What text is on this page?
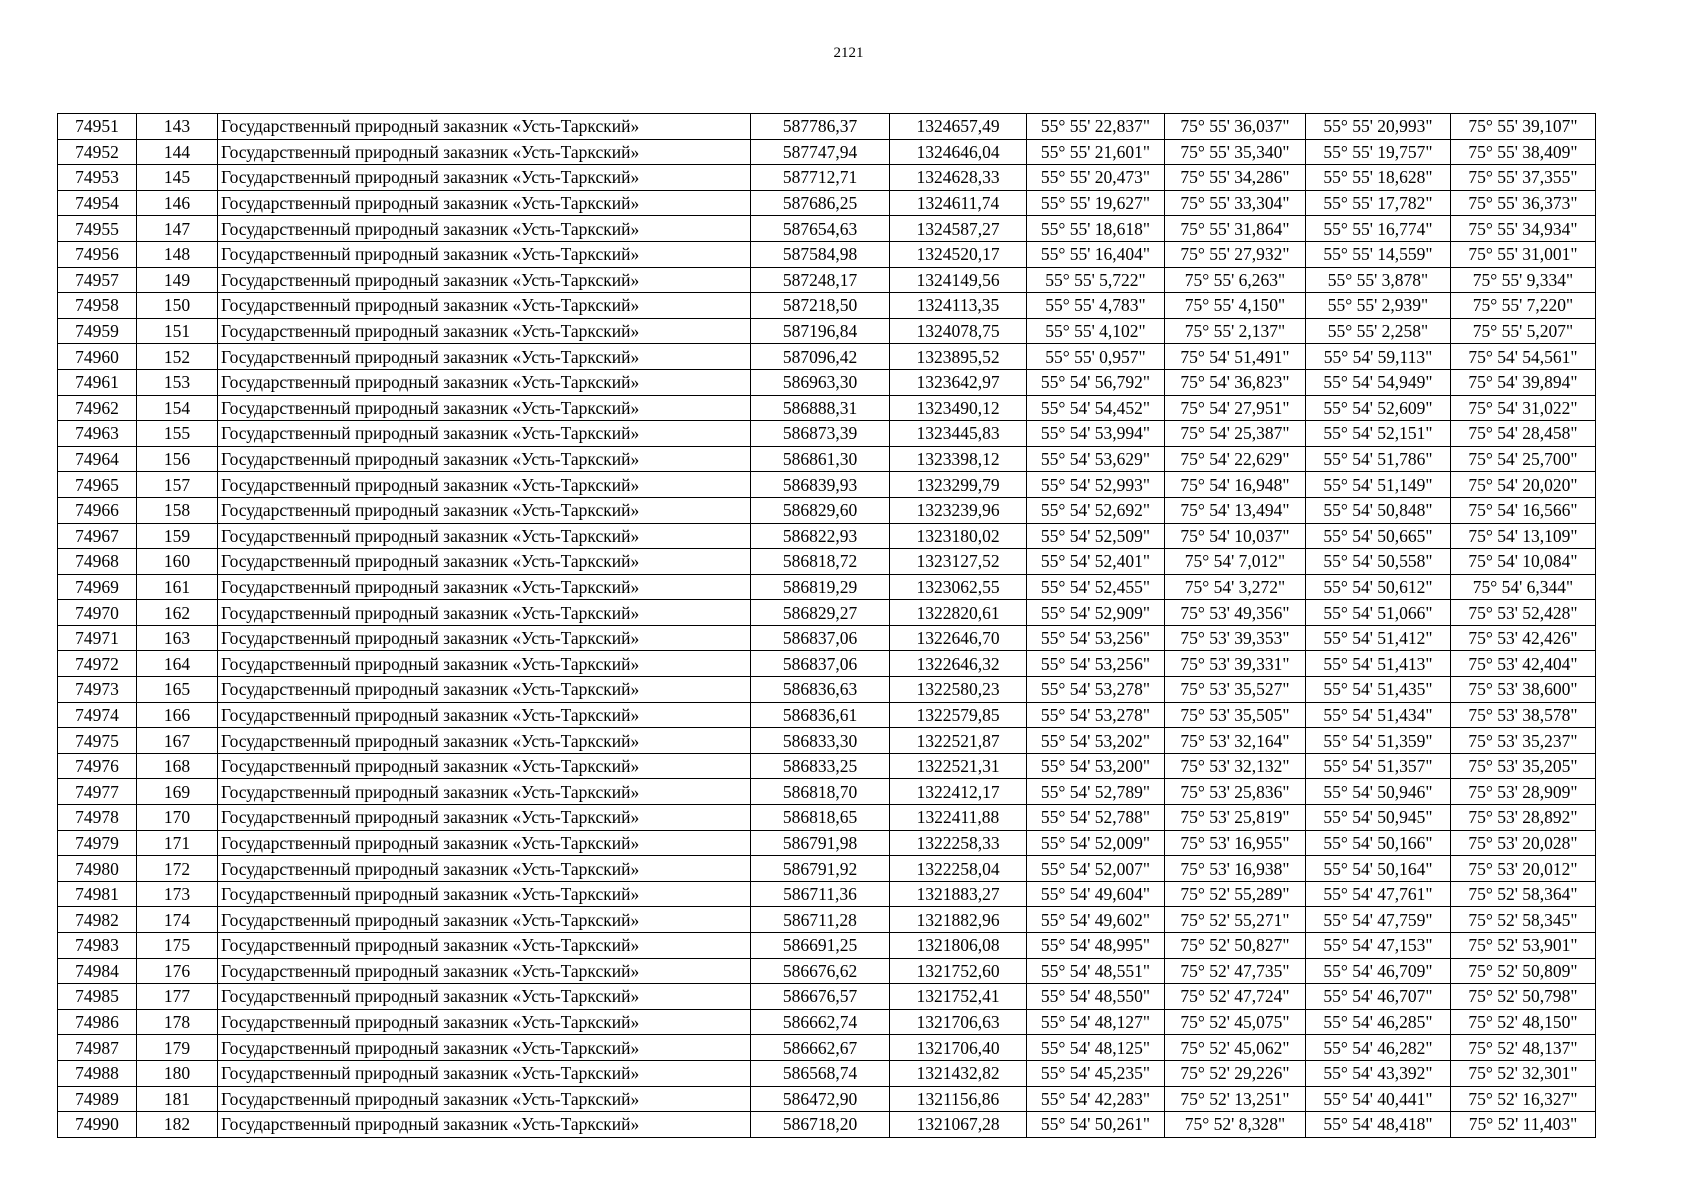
2121
74951	143	Государственный природный заказник «Усть-Таркский»	587786,37	1324657,49	55° 55' 22,837"	75° 55' 36,037"	55° 55' 20,993"	75° 55' 39,107"
74952	144	Государственный природный заказник «Усть-Таркский»	587747,94	1324646,04	55° 55' 21,601"	75° 55' 35,340"	55° 55' 19,757"	75° 55' 38,409"
74953	145	Государственный природный заказник «Усть-Таркский»	587712,71	1324628,33	55° 55' 20,473"	75° 55' 34,286"	55° 55' 18,628"	75° 55' 37,355"
74954	146	Государственный природный заказник «Усть-Таркский»	587686,25	1324611,74	55° 55' 19,627"	75° 55' 33,304"	55° 55' 17,782"	75° 55' 36,373"
74955	147	Государственный природный заказник «Усть-Таркский»	587654,63	1324587,27	55° 55' 18,618"	75° 55' 31,864"	55° 55' 16,774"	75° 55' 34,934"
74956	148	Государственный природный заказник «Усть-Таркский»	587584,98	1324520,17	55° 55' 16,404"	75° 55' 27,932"	55° 55' 14,559"	75° 55' 31,001"
74957	149	Государственный природный заказник «Усть-Таркский»	587248,17	1324149,56	55° 55' 5,722"	75° 55' 6,263"	55° 55' 3,878"	75° 55' 9,334"
74958	150	Государственный природный заказник «Усть-Таркский»	587218,50	1324113,35	55° 55' 4,783"	75° 55' 4,150"	55° 55' 2,939"	75° 55' 7,220"
74959	151	Государственный природный заказник «Усть-Таркский»	587196,84	1324078,75	55° 55' 4,102"	75° 55' 2,137"	55° 55' 2,258"	75° 55' 5,207"
74960	152	Государственный природный заказник «Усть-Таркский»	587096,42	1323895,52	55° 55' 0,957"	75° 54' 51,491"	55° 54' 59,113"	75° 54' 54,561"
74961	153	Государственный природный заказник «Усть-Таркский»	586963,30	1323642,97	55° 54' 56,792"	75° 54' 36,823"	55° 54' 54,949"	75° 54' 39,894"
74962	154	Государственный природный заказник «Усть-Таркский»	586888,31	1323490,12	55° 54' 54,452"	75° 54' 27,951"	55° 54' 52,609"	75° 54' 31,022"
74963	155	Государственный природный заказник «Усть-Таркский»	586873,39	1323445,83	55° 54' 53,994"	75° 54' 25,387"	55° 54' 52,151"	75° 54' 28,458"
74964	156	Государственный природный заказник «Усть-Таркский»	586861,30	1323398,12	55° 54' 53,629"	75° 54' 22,629"	55° 54' 51,786"	75° 54' 25,700"
74965	157	Государственный природный заказник «Усть-Таркский»	586839,93	1323299,79	55° 54' 52,993"	75° 54' 16,948"	55° 54' 51,149"	75° 54' 20,020"
74966	158	Государственный природный заказник «Усть-Таркский»	586829,60	1323239,96	55° 54' 52,692"	75° 54' 13,494"	55° 54' 50,848"	75° 54' 16,566"
74967	159	Государственный природный заказник «Усть-Таркский»	586822,93	1323180,02	55° 54' 52,509"	75° 54' 10,037"	55° 54' 50,665"	75° 54' 13,109"
74968	160	Государственный природный заказник «Усть-Таркский»	586818,72	1323127,52	55° 54' 52,401"	75° 54' 7,012"	55° 54' 50,558"	75° 54' 10,084"
74969	161	Государственный природный заказник «Усть-Таркский»	586819,29	1323062,55	55° 54' 52,455"	75° 54' 3,272"	55° 54' 50,612"	75° 54' 6,344"
74970	162	Государственный природный заказник «Усть-Таркский»	586829,27	1322820,61	55° 54' 52,909"	75° 53' 49,356"	55° 54' 51,066"	75° 53' 52,428"
74971	163	Государственный природный заказник «Усть-Таркский»	586837,06	1322646,70	55° 54' 53,256"	75° 53' 39,353"	55° 54' 51,412"	75° 53' 42,426"
74972	164	Государственный природный заказник «Усть-Таркский»	586837,06	1322646,32	55° 54' 53,256"	75° 53' 39,331"	55° 54' 51,413"	75° 53' 42,404"
74973	165	Государственный природный заказник «Усть-Таркский»	586836,63	1322580,23	55° 54' 53,278"	75° 53' 35,527"	55° 54' 51,435"	75° 53' 38,600"
74974	166	Государственный природный заказник «Усть-Таркский»	586836,61	1322579,85	55° 54' 53,278"	75° 53' 35,505"	55° 54' 51,434"	75° 53' 38,578"
74975	167	Государственный природный заказник «Усть-Таркский»	586833,30	1322521,87	55° 54' 53,202"	75° 53' 32,164"	55° 54' 51,359"	75° 53' 35,237"
74976	168	Государственный природный заказник «Усть-Таркский»	586833,25	1322521,31	55° 54' 53,200"	75° 53' 32,132"	55° 54' 51,357"	75° 53' 35,205"
74977	169	Государственный природный заказник «Усть-Таркский»	586818,70	1322412,17	55° 54' 52,789"	75° 53' 25,836"	55° 54' 50,946"	75° 53' 28,909"
74978	170	Государственный природный заказник «Усть-Таркский»	586818,65	1322411,88	55° 54' 52,788"	75° 53' 25,819"	55° 54' 50,945"	75° 53' 28,892"
74979	171	Государственный природный заказник «Усть-Таркский»	586791,98	1322258,33	55° 54' 52,009"	75° 53' 16,955"	55° 54' 50,166"	75° 53' 20,028"
74980	172	Государственный природный заказник «Усть-Таркский»	586791,92	1322258,04	55° 54' 52,007"	75° 53' 16,938"	55° 54' 50,164"	75° 53' 20,012"
74981	173	Государственный природный заказник «Усть-Таркский»	586711,36	1321883,27	55° 54' 49,604"	75° 52' 55,289"	55° 54' 47,761"	75° 52' 58,364"
74982	174	Государственный природный заказник «Усть-Таркский»	586711,28	1321882,96	55° 54' 49,602"	75° 52' 55,271"	55° 54' 47,759"	75° 52' 58,345"
74983	175	Государственный природный заказник «Усть-Таркский»	586691,25	1321806,08	55° 54' 48,995"	75° 52' 50,827"	55° 54' 47,153"	75° 52' 53,901"
74984	176	Государственный природный заказник «Усть-Таркский»	586676,62	1321752,60	55° 54' 48,551"	75° 52' 47,735"	55° 54' 46,709"	75° 52' 50,809"
74985	177	Государственный природный заказник «Усть-Таркский»	586676,57	1321752,41	55° 54' 48,550"	75° 52' 47,724"	55° 54' 46,707"	75° 52' 50,798"
74986	178	Государственный природный заказник «Усть-Таркский»	586662,74	1321706,63	55° 54' 48,127"	75° 52' 45,075"	55° 54' 46,285"	75° 52' 48,150"
74987	179	Государственный природный заказник «Усть-Таркский»	586662,67	1321706,40	55° 54' 48,125"	75° 52' 45,062"	55° 54' 46,282"	75° 52' 48,137"
74988	180	Государственный природный заказник «Усть-Таркский»	586568,74	1321432,82	55° 54' 45,235"	75° 52' 29,226"	55° 54' 43,392"	75° 52' 32,301"
74989	181	Государственный природный заказник «Усть-Таркский»	586472,90	1321156,86	55° 54' 42,283"	75° 52' 13,251"	55° 54' 40,441"	75° 52' 16,327"
74990	182	Государственный природный заказник «Усть-Таркский»	586718,20	1321067,28	55° 54' 50,261"	75° 52' 8,328"	55° 54' 48,418"	75° 52' 11,403"
